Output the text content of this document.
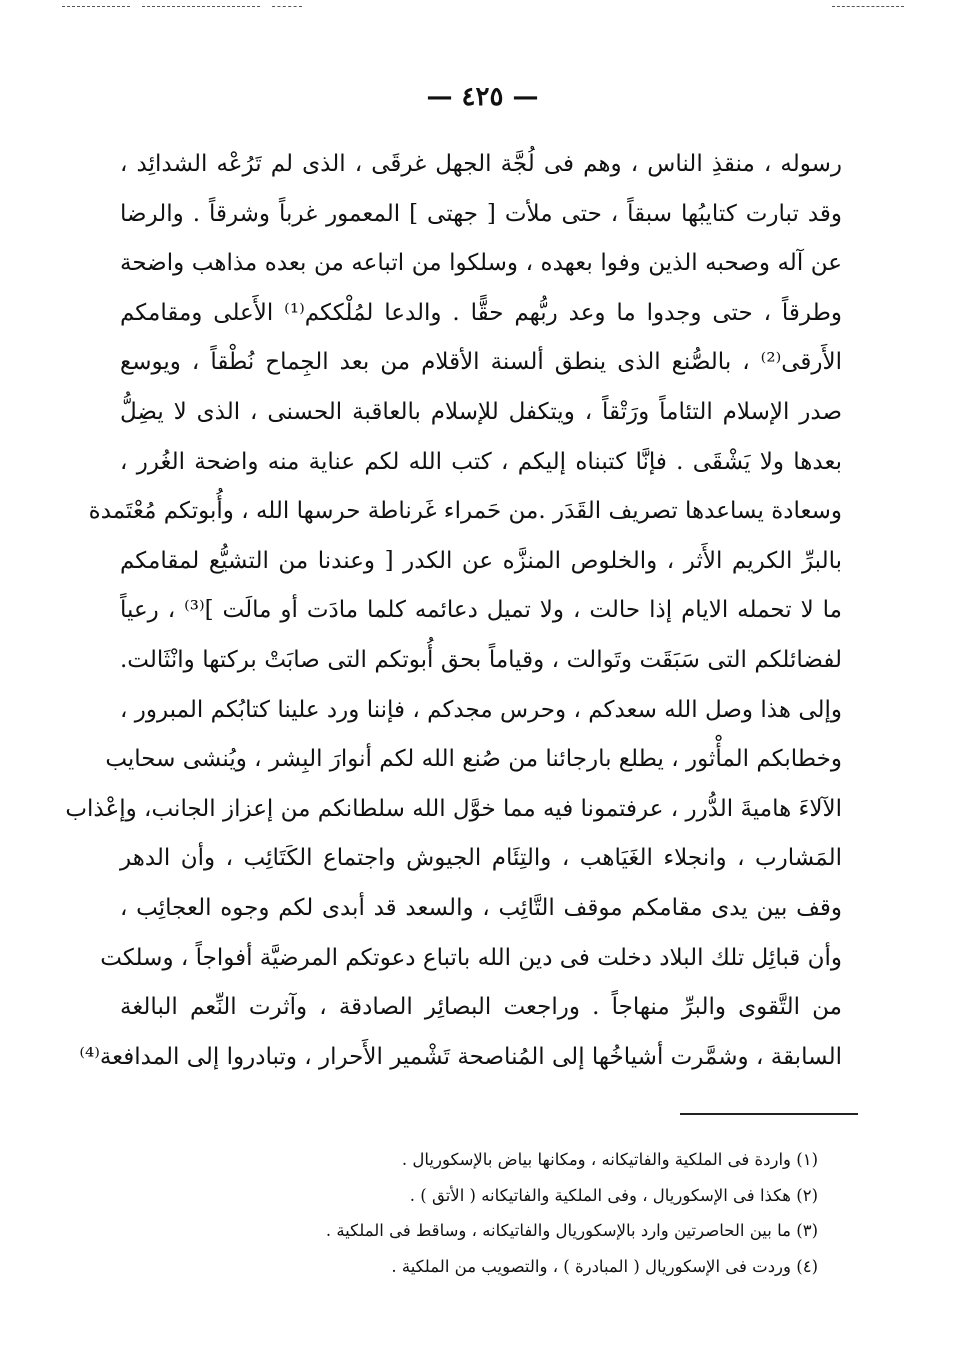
— ٤٢٥ —
رسوله ، منقذِ الناس ، وهم فى لُجَّة الجهل غرقَى ، الذى لم تَرُعْه الشدائِد ،
وقد تبارت كتايبُها سبقاً ، حتى ملأت [ جهتى ] المعمور غرباً وشرقاً . والرضا
عن آله وصحبه الذين وفوا بعهده ، وسلكوا من اتباعه من بعده مذاهب واضحة
وطرقاً ، حتى وجدوا ما وعد ربُّهم حقًّا . والدعا لمُلْككم⁽¹⁾ الأَعلى ومقامكم
الأَرقى⁽²⁾ ، بالصُّنع الذى ينطق ألسنة الأقلام من بعد الجِماح نُطْقاً ، ويوسع
صدر الإسلام التئاماً ورَتْقاً ، ويتكفل للإسلام بالعاقبة الحسنى ، الذى لا يضِلُّ
بعدها ولا يَشْقَى . فإنَّا كتبناه إليكم ، كتب الله لكم عناية منه واضحة الغُرر ،
وسعادة يساعدها تصريف القَدَر .من حَمراء غَرناطة حرسها الله ، وأُبوتكم مُعْتَمدة
بالبرِّ الكريم الأَثر ، والخلوص المنزَّه عن الكدر [ وعندنا من التشيُّع لمقامكم
ما لا تحمله الايام إذا حالت ، ولا تميل دعائمه كلما مادَت أو مالَت ]⁽³⁾ ، رعياً
لفضائلكم التى سَبَقَت وتَوالت ، وقياماً بحق أُبوتكم التى صابَتْ بركتها وانْثَالت.
وإلى هذا وصل الله سعدكم ، وحرس مجدكم ، فإننا ورد علينا كتابُكم المبرور ،
وخطابكم المأْثور ، يطلع بارجائنا من صُنع الله لكم أنوارَ البِشر ، ويُنشى سحايب
الآلاءَ هاميةَ الدُّرر ، عرفتمونا فيه مما خوَّل الله سلطانكم من إعزاز الجانب، وإعْذاب
المَشارب ، وانجلاء الغَيَاهب ، والتِئَام الجيوش واجتماع الكَتَائِب ، وأن الدهر
وقف بين يدى مقامكم موقف التَّائِب ، والسعد قد أبدى لكم وجوه العجائِب ،
وأن قبائِل تلك البلاد دخلت فى دين الله باتباع دعوتكم المرضيَّة أفواجاً ، وسلكت
من التَّقوى والبرِّ منهاجاً . وراجعت البصائِر الصادقة ، وآثرت النِّعم البالغة
السابقة ، وشمَّرت أشياخُها إلى المُناصحة تَشْمير الأَحرار ، وتبادروا إلى المدافعة⁽⁴⁾
(١) واردة فى الملكية والفاتيكانه ، ومكانها بياض بالإسكوريال .
(٢) هكذا فى الإسكوريال ، وفى الملكية والفاتيكانه ( الأتق ) .
(٣) ما بين الحاصرتين وارد بالإسكوريال والفاتيكانه ، وساقط فى الملكية .
(٤) وردت فى الإسكوريال ( المبادرة ) ، والتصويب من الملكية .
